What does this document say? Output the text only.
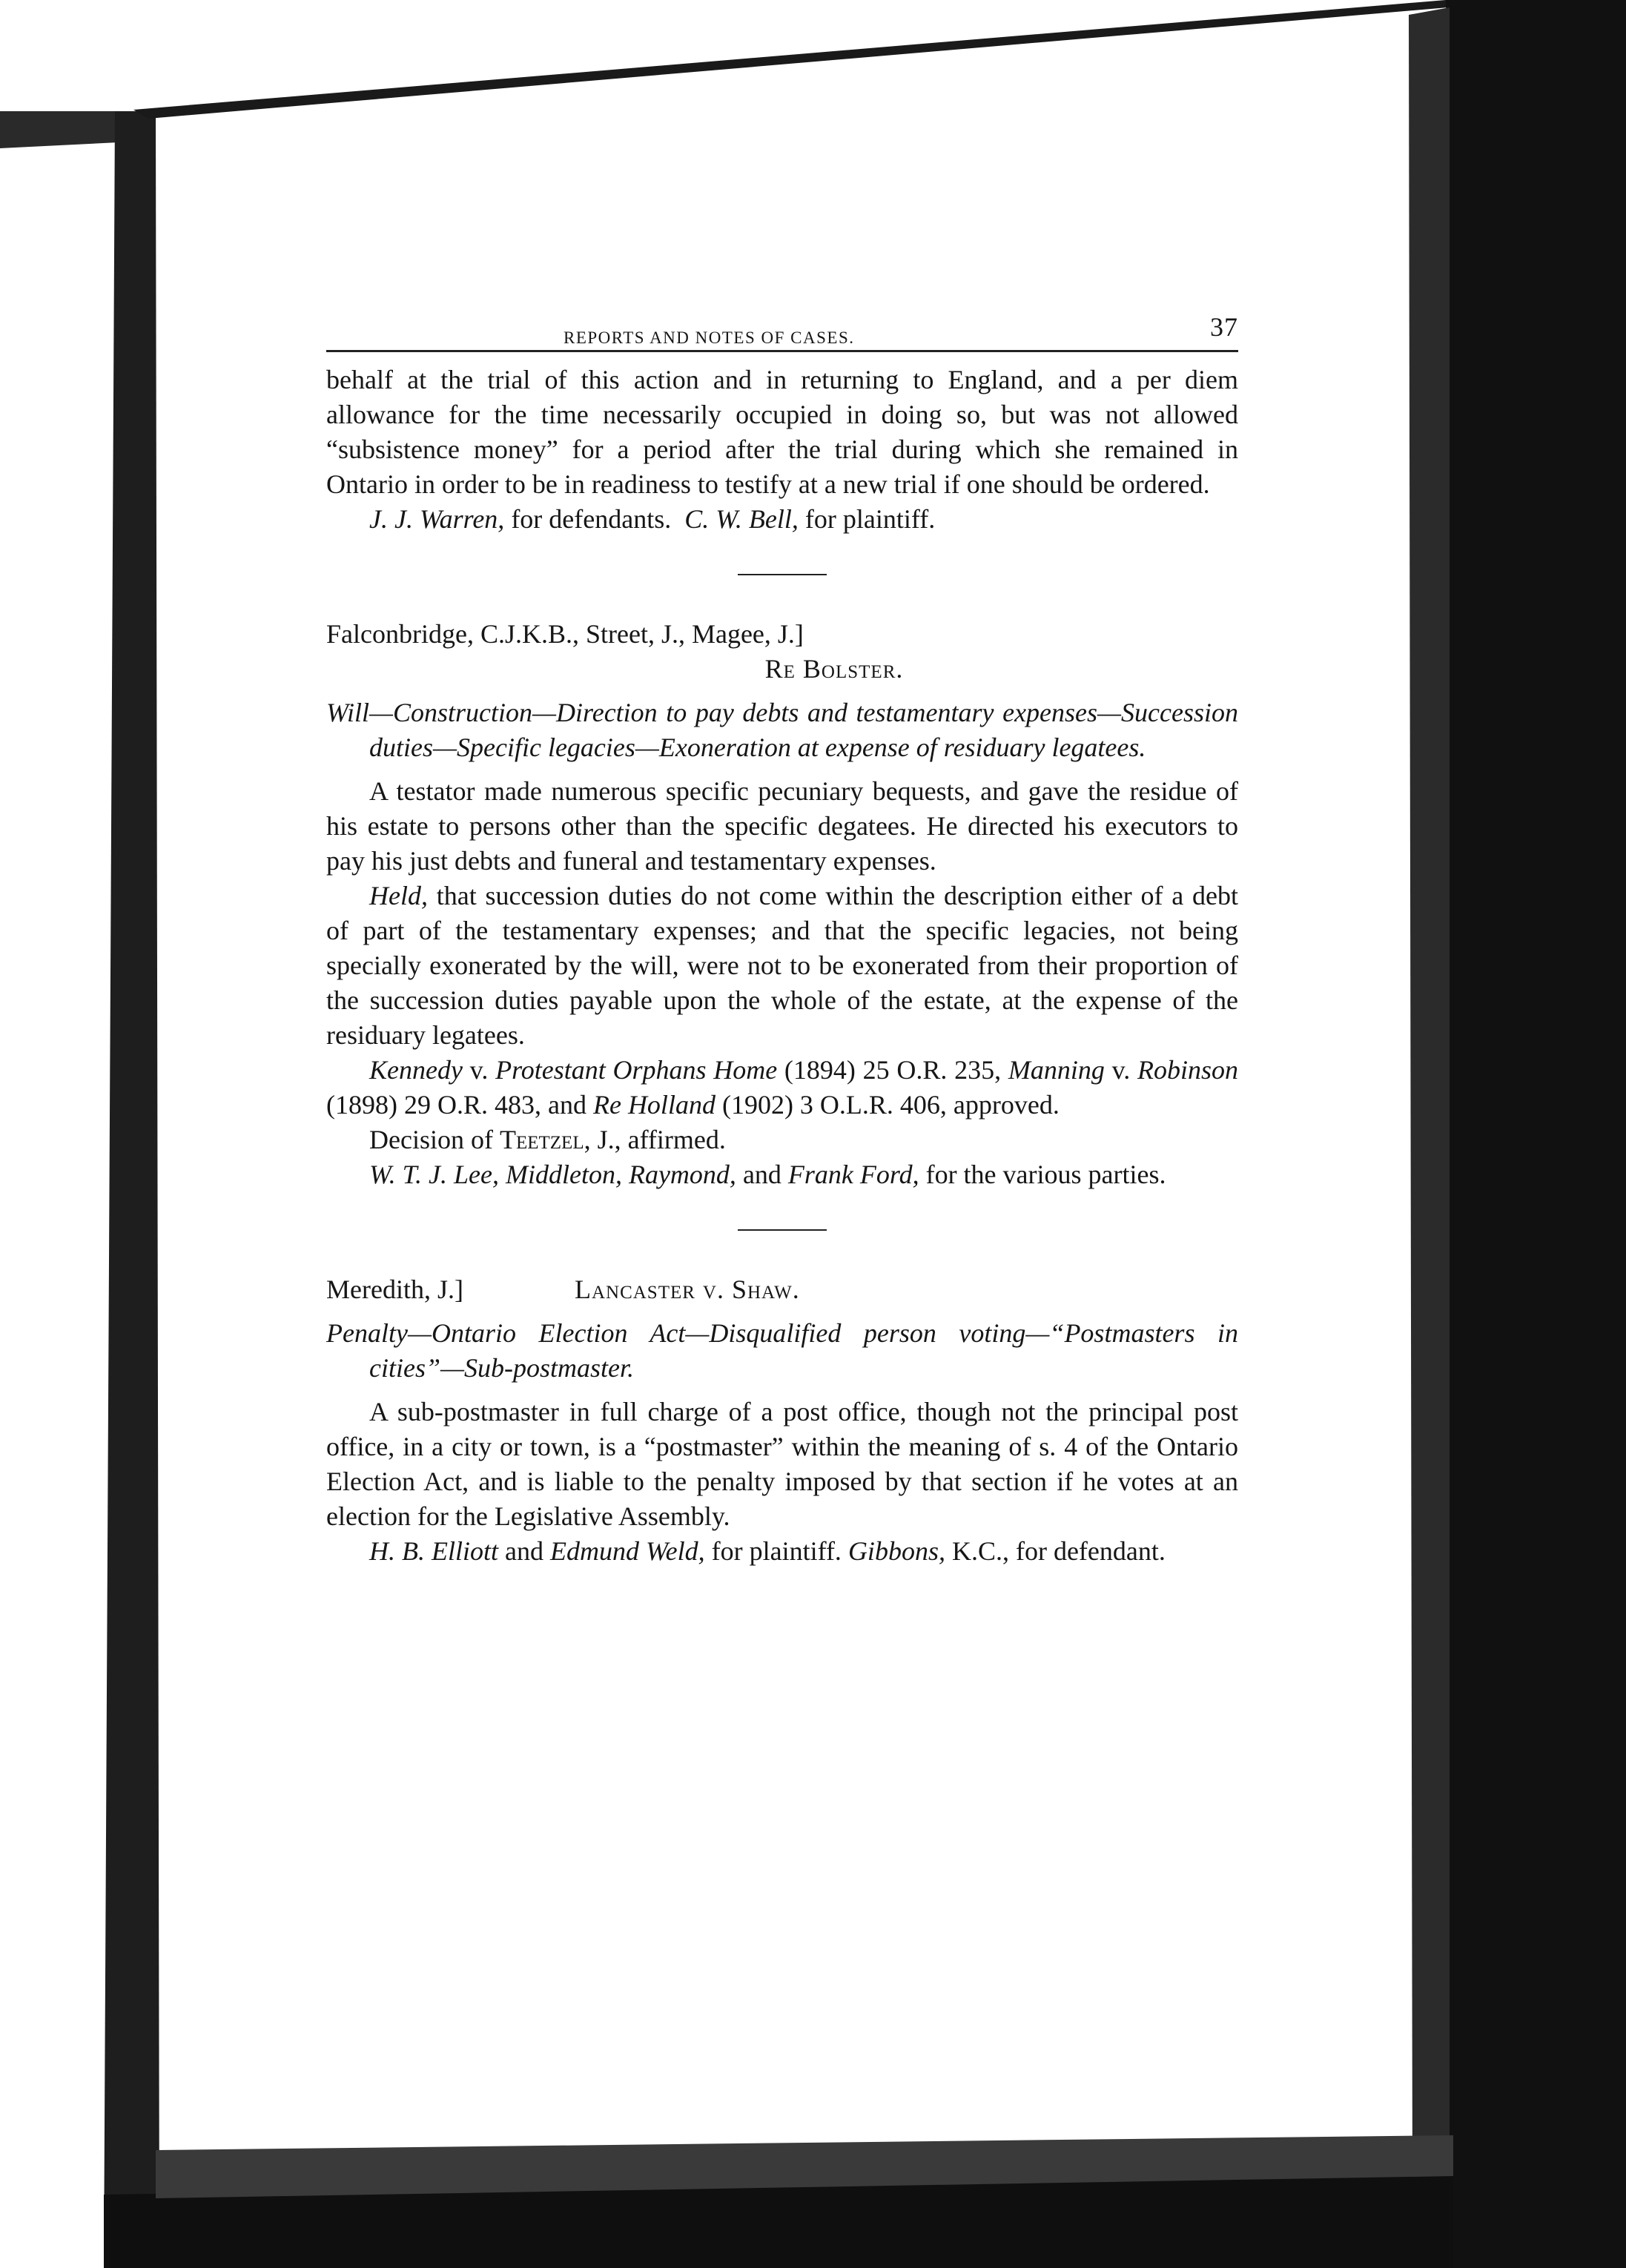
REPORTS AND NOTES OF CASES.	37

behalf at the trial of this action and in returning to England, and a per diem allowance for the time necessarily occupied in doing so, but was not allowed “subsistence money” for a period after the trial during which she remained in Ontario in order to be in readiness to testify at a new trial if one should be ordered.

J. J. Warren, for defendants. C. W. Bell, for plaintiff.

Falconbridge, C.J.K.B., Street, J., Magee, J.]

Re Bolster.

Will—Construction—Direction to pay debts and testamentary expenses—Succession duties—Specific legacies—Exoneration at expense of residuary legatees.

A testator made numerous specific pecuniary bequests, and gave the residue of his estate to persons other than the specific degatees. He directed his executors to pay his just debts and funeral and testamentary expenses.

Held, that succession duties do not come within the description either of a debt of part of the testamentary expenses; and that the specific legacies, not being specially exonerated by the will, were not to be exonerated from their proportion of the succession duties payable upon the whole of the estate, at the expense of the residuary legatees.

Kennedy v. Protestant Orphans Home (1894) 25 O.R. 235, Manning v. Robinson (1898) 29 O.R. 483, and Re Holland (1902) 3 O.L.R. 406, approved.

Decision of Teetzel, J., affirmed.

W. T. J. Lee, Middleton, Raymond, and Frank Ford, for the various parties.

Meredith, J.]	Lancaster v. Shaw.

Penalty—Ontario Election Act—Disqualified person voting—“Postmasters in cities”—Sub-postmaster.

A sub-postmaster in full charge of a post office, though not the principal post office, in a city or town, is a “postmaster” within the meaning of s. 4 of the Ontario Election Act, and is liable to the penalty imposed by that section if he votes at an election for the Legislative Assembly.

H. B. Elliott and Edmund Weld, for plaintiff. Gibbons, K.C., for defendant.
